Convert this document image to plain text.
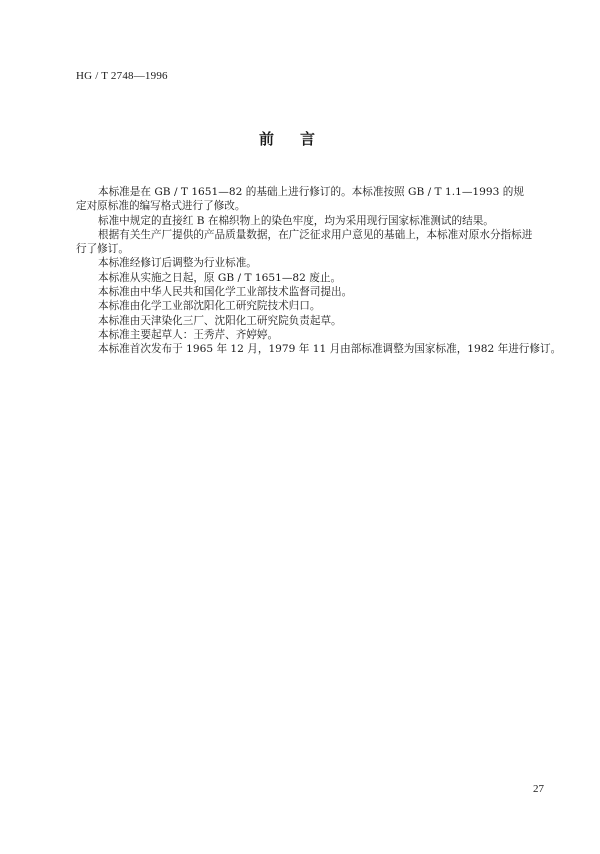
HG / T 2748—1996
前言

本标准是在 GB / T 1651—82 的基础上进行修订的。本标准按照 GB / T 1.1—1993 的规定对原标准的编写格式进行了修改。

标准中规定的直接红 B 在棉织物上的染色牢度，均为采用现行国家标准测试的结果。

根据有关生产厂提供的产品质量数据，在广泛征求用户意见的基础上，本标准对原水分指标进行了修订。

本标准经修订后调整为行业标准。

本标准从实施之日起，原 GB / T 1651—82 废止。

本标准由中华人民共和国化学工业部技术监督司提出。

本标准由化学工业部沈阳化工研究院技术归口。

本标准由天津染化三厂、沈阳化工研究院负责起草。

本标准主要起草人：王秀芹、齐婷婷。

本标准首次发布于 1965 年 12 月，1979 年 11 月由部标准调整为国家标准，1982 年进行修订。

27
